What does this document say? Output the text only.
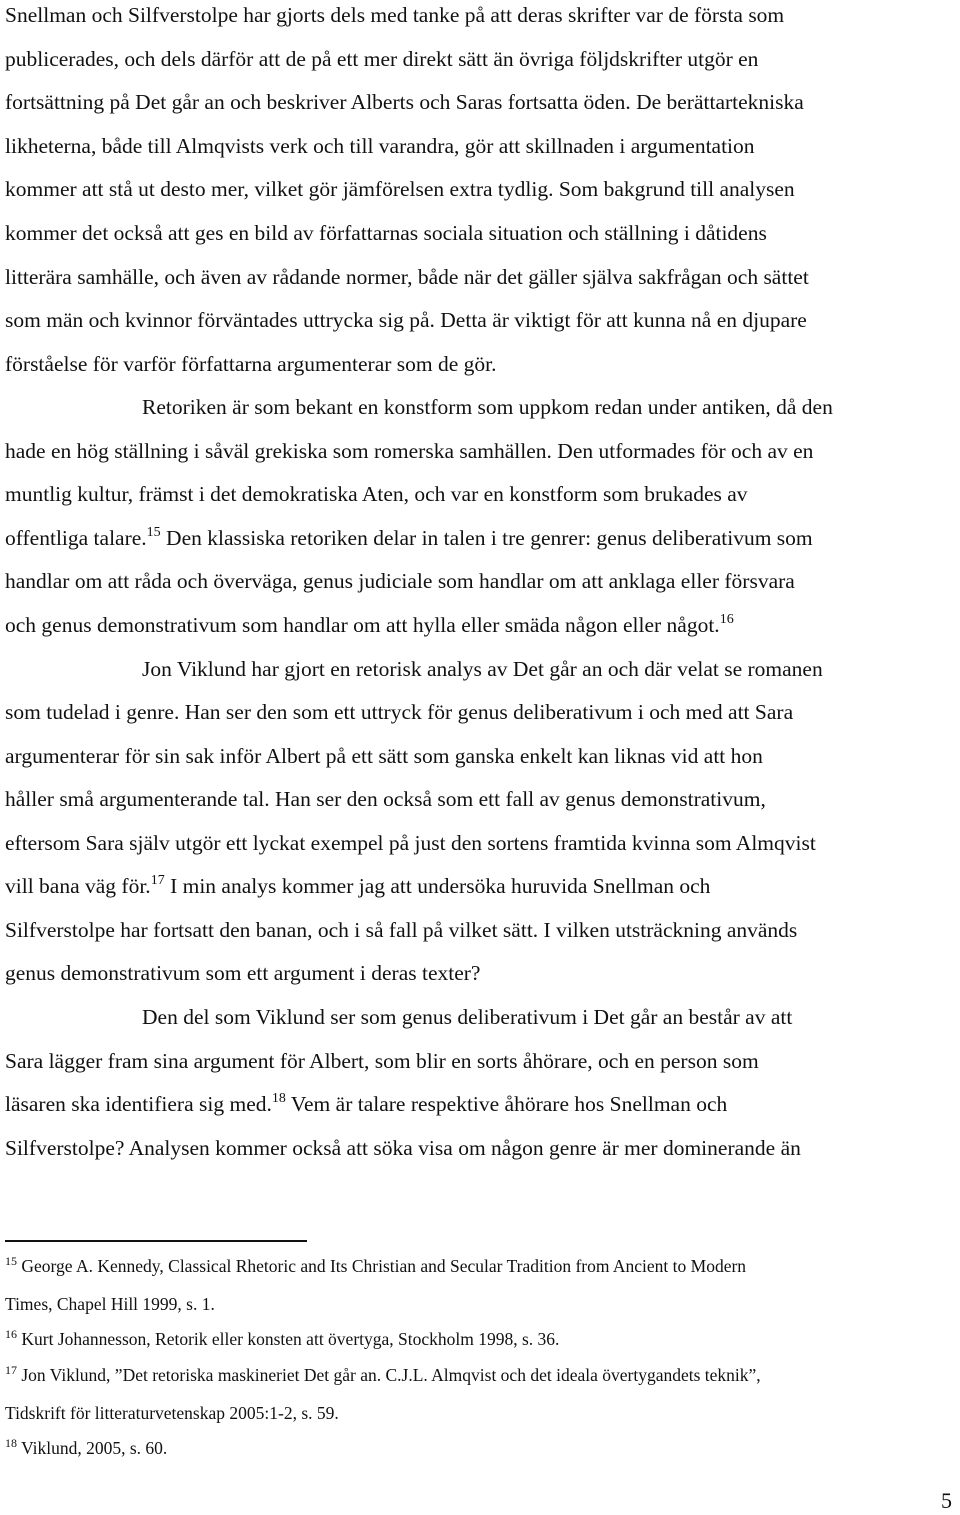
Snellman och Silfverstolpe har gjorts dels med tanke på att deras skrifter var de första som
publicerades, och dels därför att de på ett mer direkt sätt än övriga följdskrifter utgör en
fortsättning på Det går an och beskriver Alberts och Saras fortsatta öden. De berättartekniska
likheterna, både till Almqvists verk och till varandra, gör att skillnaden i argumentation
kommer att stå ut desto mer, vilket gör jämförelsen extra tydlig. Som bakgrund till analysen
kommer det också att ges en bild av författarnas sociala situation och ställning i dåtidens
litterära samhälle, och även av rådande normer, både när det gäller själva sakfrågan och sättet
som män och kvinnor förväntades uttrycka sig på. Detta är viktigt för att kunna nå en djupare
förståelse för varför författarna argumenterar som de gör.
Retoriken är som bekant en konstform som uppkom redan under antiken, då den
hade en hög ställning i såväl grekiska som romerska samhällen. Den utformades för och av en
muntlig kultur, främst i det demokratiska Aten, och var en konstform som brukades av
offentliga talare.$^{15}$ Den klassiska retoriken delar in talen i tre genrer: genus deliberativum som
handlar om att råda och överväga, genus judiciale som handlar om att anklaga eller försvara
och genus demonstrativum som handlar om att hylla eller smäda någon eller något.$^{16}$
Jon Viklund har gjort en retorisk analys av Det går an och där velat se romanen
som tudelad i genre. Han ser den som ett uttryck för genus deliberativum i och med att Sara
argumenterar för sin sak inför Albert på ett sätt som ganska enkelt kan liknas vid att hon
håller små argumenterande tal. Han ser den också som ett fall av genus demonstrativum,
eftersom Sara själv utgör ett lyckat exempel på just den sortens framtida kvinna som Almqvist
vill bana väg för.$^{17}$ I min analys kommer jag att undersöka huruvida Snellman och
Silfverstolpe har fortsatt den banan, och i så fall på vilket sätt. I vilken utsträckning används
genus demonstrativum som ett argument i deras texter?
Den del som Viklund ser som genus deliberativum i Det går an består av att
Sara lägger fram sina argument för Albert, som blir en sorts åhörare, och en person som
läsaren ska identifiera sig med.$^{18}$ Vem är talare respektive åhörare hos Snellman och
Silfverstolpe? Analysen kommer också att söka visa om någon genre är mer dominerande än
$^{15}$ George A. Kennedy, Classical Rhetoric and Its Christian and Secular Tradition from Ancient to Modern
Times, Chapel Hill 1999, s. 1.
$^{16}$ Kurt Johannesson, Retorik eller konsten att övertyga, Stockholm 1998, s. 36.
$^{17}$ Jon Viklund, ”Det retoriska maskineriet Det går an. C.J.L. Almqvist och det ideala övertygandets teknik”,
Tidskrift för litteraturvetenskap 2005:1-2, s. 59.
$^{18}$ Viklund, 2005, s. 60.
5
